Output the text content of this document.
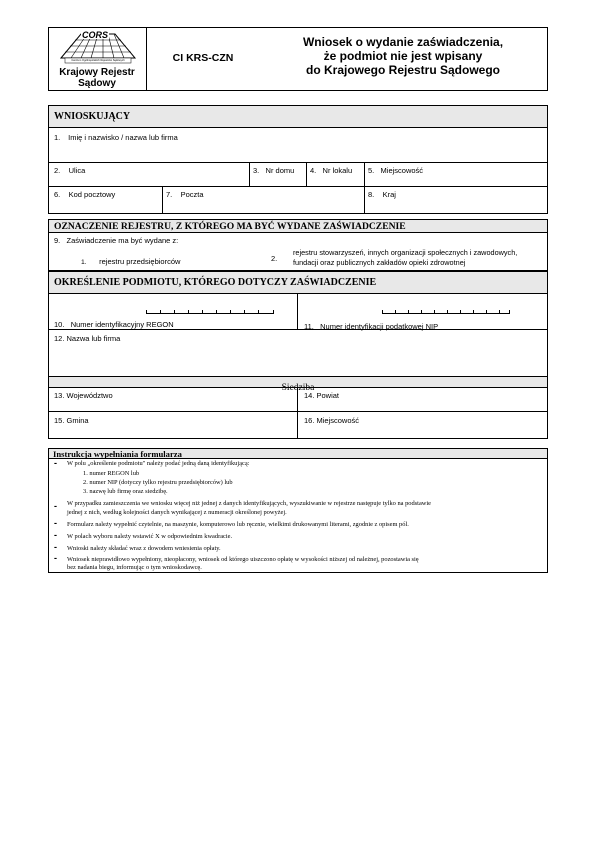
CORS
Centrum Ogólnopolskich Rejestrów Sądowych
Krajowy Rejestr Sądowy
CI KRS-CZN
Wniosek o wydanie zaświadczenia,
że podmiot nie jest wpisany
do Krajowego Rejestru Sądowego
WNIOSKUJĄCY
1. Imię i nazwisko / nazwa lub firma
2. Ulica	3. Nr domu 4. Nr lokalu 5. Miejscowość
6. Kod pocztowy	7. Poczta	8. Kraj
OZNACZENIE REJESTRU, Z KTÓREGO MA BYĆ WYDANE ZAŚWIADCZENIE
9. Zaświadczenie ma być wydane z:
1. rejestru przedsiębiorców	2.
rejestru stowarzyszeń, innych organizacji społecznych i zawodowych,
fundacji oraz publicznych zakładów opieki zdrowotnej
OKREŚLENIE PODMIOTU, KTÓREGO DOTYCZY ZAŚWIADCZENIE
10. Numer identyfikacyjny REGON	11. Numer identyfikacji podatkowej NIP
12. Nazwa lub firma
Siedziba
13. Województwo	14. Powiat
15. Gmina	16. Miejscowość
Instrukcja wypełniania formularza
- W polu „określenie podmiotu" należy podać jedną daną identyfikującą:
1. numer REGON lub
2. numer NIP (dotyczy tylko rejestru przedsiębiorców) lub
3. nazwę lub firmę oraz siedzibę.
- W przypadku zamieszczenia we wniosku więcej niż jednej z danych identyfikujących, wyszukiwanie w rejestrze następuje tylko na podstawie
jednej z nich, według kolejności danych wynikającej z numeracji określonej powyżej.
- Formularz należy wypełnić czytelnie, na maszynie, komputerowo lub ręcznie, wielkimi drukowanymi literami, zgodnie z opisem pól.
- W polach wyboru należy wstawić X w odpowiednim kwadracie.
- Wnioski należy składać wraz z dowodem wniesienia opłaty.
- Wniosek nieprawidłowo wypełniony, nieopłacony, wniosek od którego uiszczono opłatę w wysokości niższej od należnej, pozostawia się
bez nadania biegu, informując o tym wnioskodawcę.
